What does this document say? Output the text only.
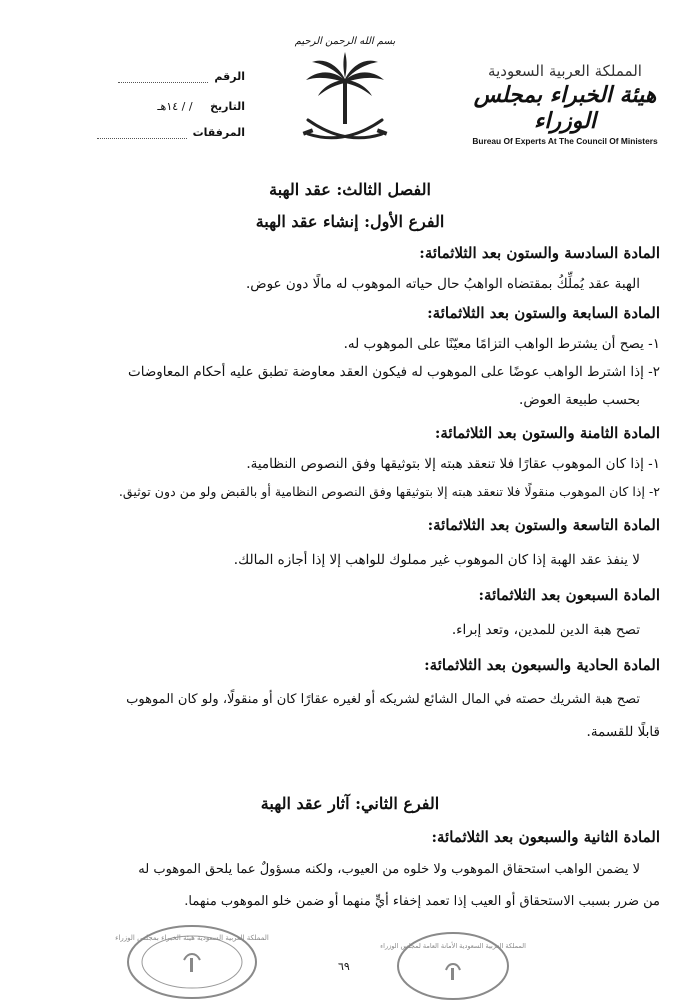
الرقم
التاريخ / / ١٤هـ
المرفقات
بسم الله الرحمن الرحيم
المملكة العربية السعودية
هيئة الخبراء بمجلس الوزراء
Bureau Of Experts At The Council Of Ministers
الفصل الثالث: عقد الهبة
الفرع الأول: إنشاء عقد الهبة
المادة السادسة والستون بعد الثلاثمائة:
الهبة عقد يُملِّكُ بمقتضاه الواهبُ حال حياته الموهوب له مالًا دون عوض.
المادة السابعة والستون بعد الثلاثمائة:
١- يصح أن يشترط الواهب التزامًا معيّنًا على الموهوب له.
٢- إذا اشترط الواهب عوضًا على الموهوب له فيكون العقد معاوضة تطبق عليه أحكام المعاوضات
بحسب طبيعة العوض.
المادة الثامنة والستون بعد الثلاثمائة:
١- إذا كان الموهوب عقارًا فلا تنعقد هبته إلا بتوثيقها وفق النصوص النظامية.
٢- إذا كان الموهوب منقولًا فلا تنعقد هبته إلا بتوثيقها وفق النصوص النظامية أو بالقبض ولو من دون توثيق.
المادة التاسعة والستون بعد الثلاثمائة:
لا ينفذ عقد الهبة إذا كان الموهوب غير مملوك للواهب إلا إذا أجازه المالك.
المادة السبعون بعد الثلاثمائة:
تصح هبة الدين للمدين، وتعد إبراء.
المادة الحادية والسبعون بعد الثلاثمائة:
تصح هبة الشريك حصته في المال الشائع لشريكه أو لغيره عقارًا كان أو منقولًا، ولو كان الموهوب
قابلًا للقسمة.
الفرع الثاني: آثار عقد الهبة
المادة الثانية والسبعون بعد الثلاثمائة:
لا يضمن الواهب استحقاق الموهوب ولا خلوه من العيوب، ولكنه مسؤولٌ عما يلحق الموهوب له
من ضرر بسبب الاستحقاق أو العيب إذا تعمد إخفاء أيٍّ منهما أو ضمن خلو الموهوب منهما.
المملكة العربية السعودية هيئة الخبراء بمجلس الوزراء
المملكة العربية السعودية الأمانة العامة لمجلس الوزراء
٦٩
